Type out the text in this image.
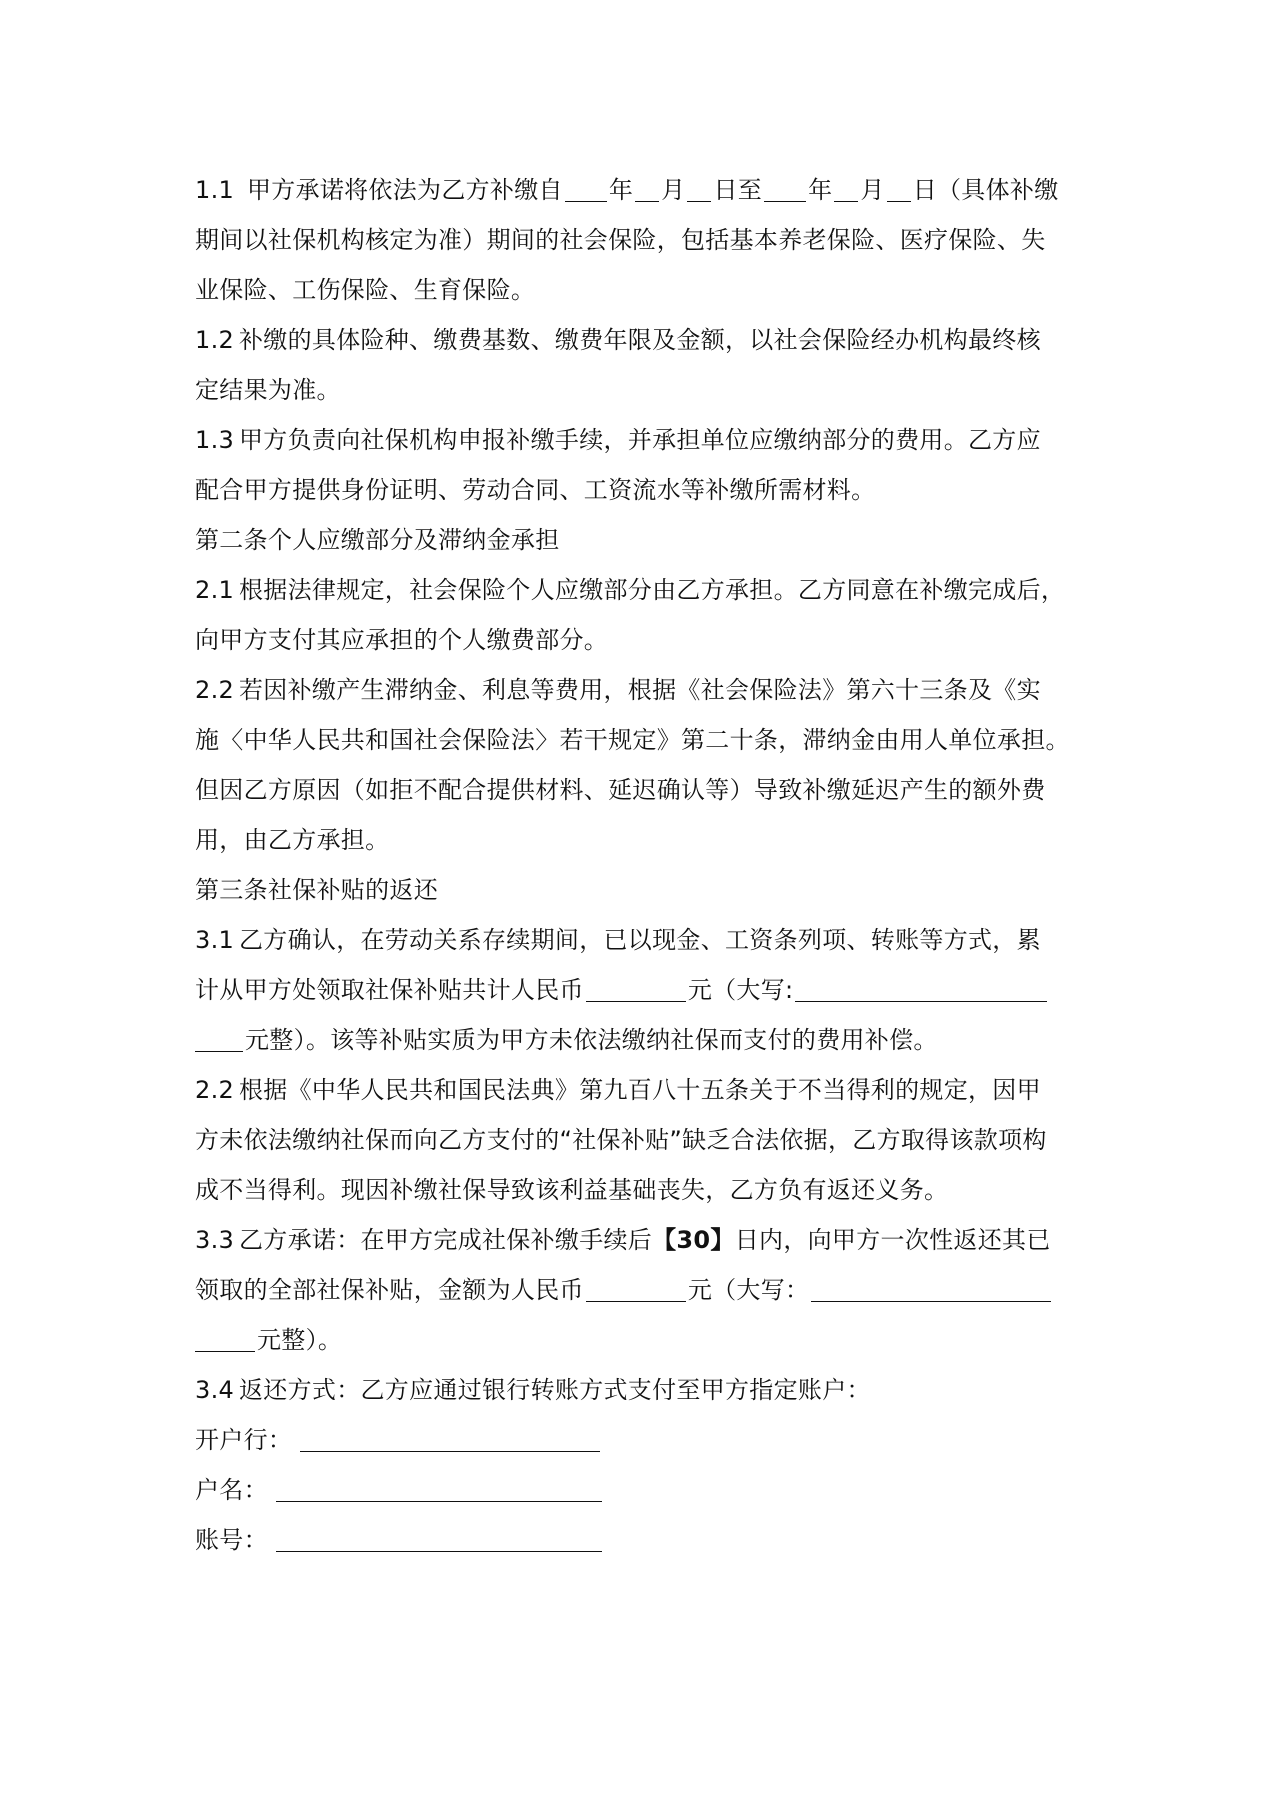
1.1 甲方承诺将依法为乙方补缴自 年 月 日至 年 月 日（具体补缴
期间以社保机构核定为准）期间的社会保险，包括基本养老保险、医疗保险、失
业保险、工伤保险、生育保险。
1.2 补缴的具体险种、缴费基数、缴费年限及金额，以社会保险经办机构最终核
定结果为准。
1.3 甲方负责向社保机构申报补缴手续，并承担单位应缴纳部分的费用。乙方应
配合甲方提供身份证明、劳动合同、工资流水等补缴所需材料。
第二条个人应缴部分及滞纳金承担
2.1 根据法律规定，社会保险个人应缴部分由乙方承担。乙方同意在补缴完成后，
向甲方支付其应承担的个人缴费部分。
2.2 若因补缴产生滞纳金、利息等费用，根据《社会保险法》第六十三条及《实
施〈中华人民共和国社会保险法〉若干规定》第二十条，滞纳金由用人单位承担。
但因乙方原因（如拒不配合提供材料、延迟确认等）导致补缴延迟产生的额外费
用，由乙方承担。
第三条社保补贴的返还
3.1 乙方确认，在劳动关系存续期间，已以现金、工资条列项、转账等方式，累
计从甲方处领取社保补贴共计人民币	元（大写:
元整）。该等补贴实质为甲方未依法缴纳社保而支付的费用补偿。
2.2 根据《中华人民共和国民法典》第九百八十五条关于不当得利的规定，因甲
方未依法缴纳社保而向乙方支付的“社保补贴”缺乏合法依据，乙方取得该款项构
成不当得利。现因补缴社保导致该利益基础丧失，乙方负有返还义务。
3.3 乙方承诺：在甲方完成社保补缴手续后【30】日内，向甲方一次性返还其已
领取的全部社保补贴，金额为人民币	元（大写：
元整）。
3.4 返还方式：乙方应通过银行转账方式支付至甲方指定账户：
开户行：
户名：
账号：
